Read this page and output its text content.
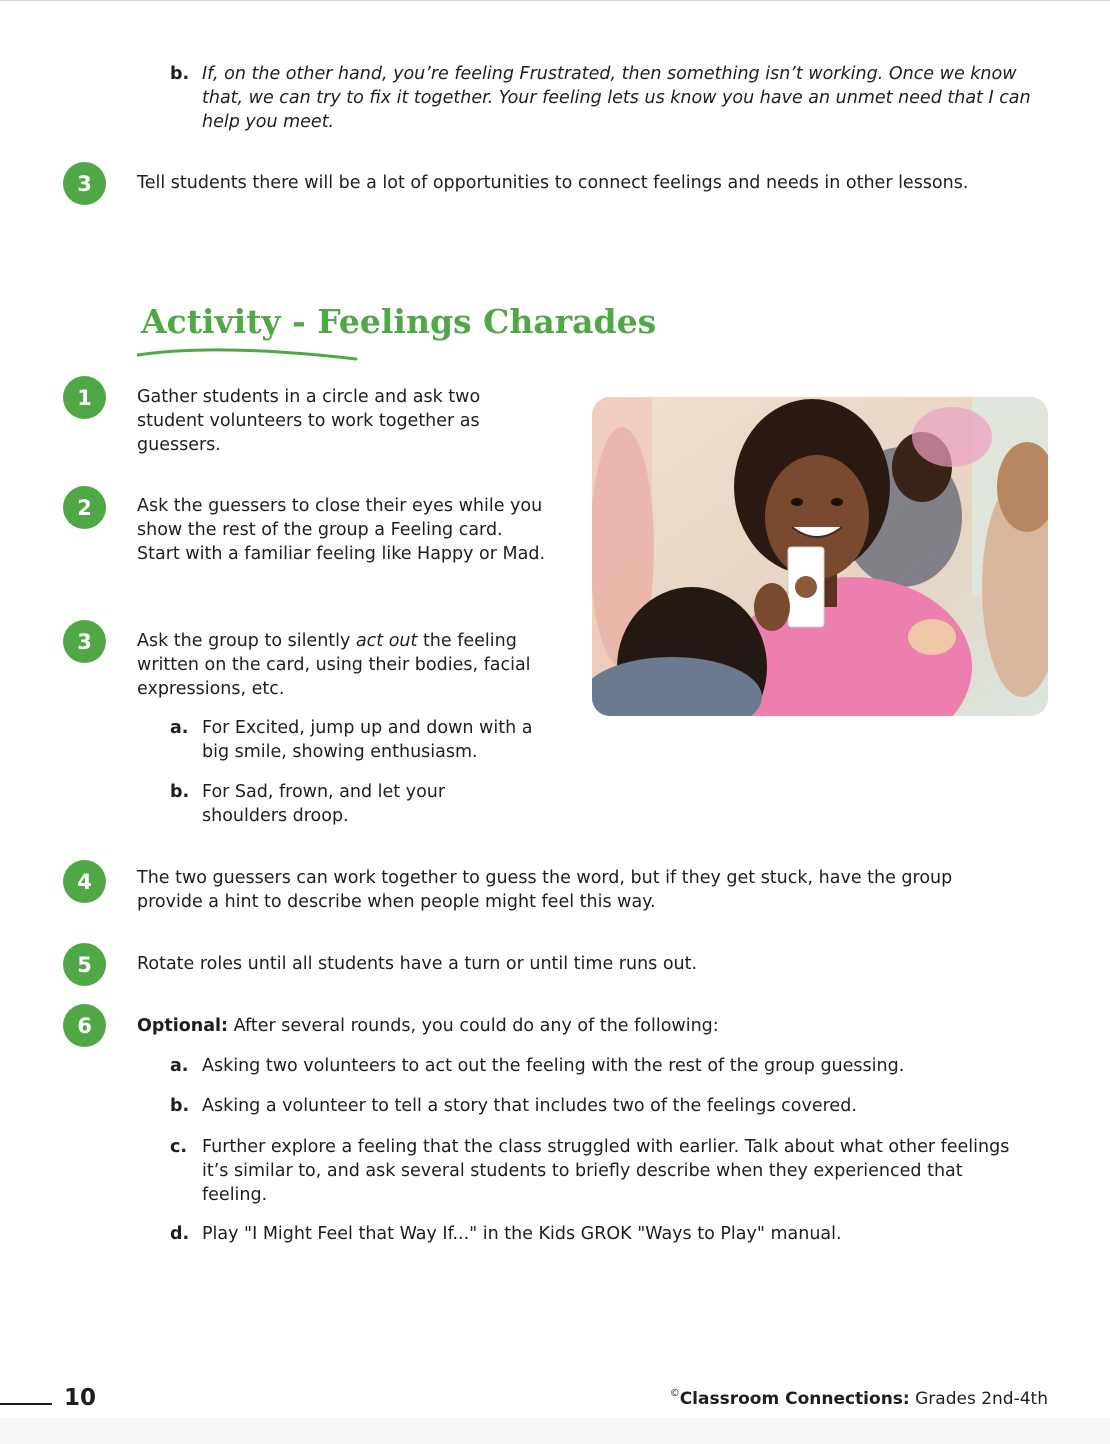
b. If, on the other hand, you’re feeling Frustrated, then something isn’t working. Once we know that, we can try to fix it together. Your feeling lets us know you have an unmet need that I can help you meet.
3	Tell students there will be a lot of opportunities to connect feelings and needs in other lessons.
Activity - Feelings Charades
1	Gather students in a circle and ask two student volunteers to work together as guessers.
2	Ask the guessers to close their eyes while you show the rest of the group a Feeling card. Start with a familiar feeling like Happy or Mad.
3	Ask the group to silently act out the feeling written on the card, using their bodies, facial expressions, etc.
a. For Excited, jump up and down with a big smile, showing enthusiasm.
b. For Sad, frown, and let your shoulders droop.
4	The two guessers can work together to guess the word, but if they get stuck, have the group provide a hint to describe when people might feel this way.
5	Rotate roles until all students have a turn or until time runs out.
6	Optional: After several rounds, you could do any of the following:
a. Asking two volunteers to act out the feeling with the rest of the group guessing.
b. Asking a volunteer to tell a story that includes two of the feelings covered.
c. Further explore a feeling that the class struggled with earlier. Talk about what other feelings it’s similar to, and ask several students to briefly describe when they experienced that feeling.
d. Play "I Might Feel that Way If..." in the Kids GROK "Ways to Play" manual.
10	©Classroom Connections: Grades 2nd-4th
